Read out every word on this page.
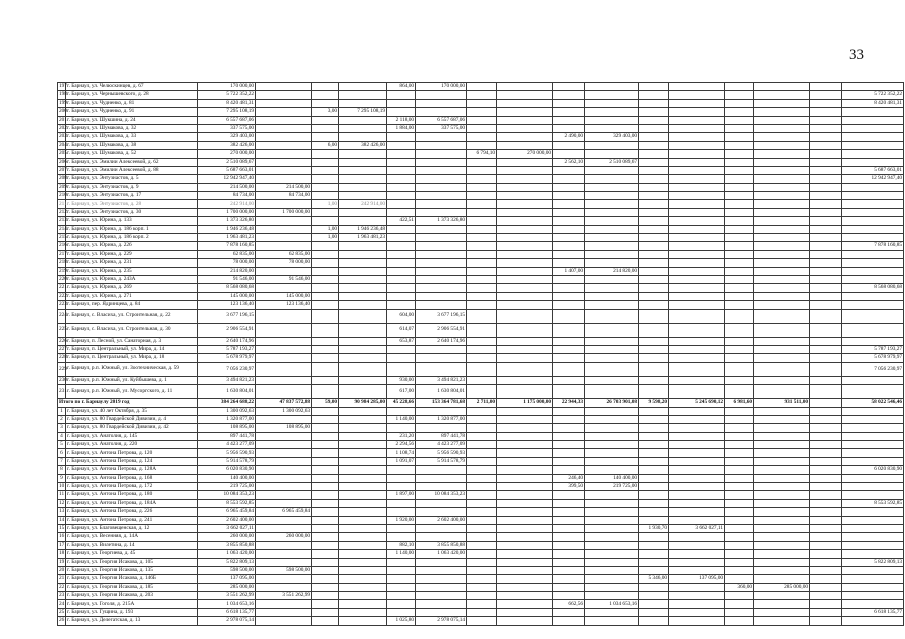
33
197	г. Барнаул, ул. Челюскинцев, д. 67	170 000,00				864,00	170 000,00										
198	г. Барнаул, ул. Чернышевского, д. 28	5 722 352,22															5 722 352,22
199	г. Барнаул, ул. Чудненко, д. 81	8 420 481,31															8 420 481,31
200	г. Барнаул, ул. Чудненко, д. 91	7 295 108,19		3,00	7 295 108,19												
201	г. Барнаул, ул. Шукшина, д. 24	6 557 687,06				2 118,00	6 557 687,06										
202	г. Барнаул, ул. Шумакова, д. 32	337 575,00				1 884,00	337 575,00										
203	г. Барнаул, ул. Шумакова, д. 33	329 403,00								2 490,00	329 403,00						
204	г. Барнаул, ул. Шумакова, д. 38	382 426,00		6,00	382 426,00												
205	г. Барнаул, ул. Шумакова, д. 52	270 000,00						6 794,10	270 000,00								
206	г. Барнаул, ул. Эмилии Алексеевой, д. 62	2 510 089,67								2 562,10	2 510 089,67						
207	г. Барнаул, ул. Эмилии Алексеевой, д. 88	5 687 663,01															5 687 663,01
208	г. Барнаул, ул. Энтузиастов, д. 5	12 942 947,40															12 942 947,40
209	г. Барнаул, ул. Энтузиастов, д. 9	214 500,00	214 500,00														
210	г. Барнаул, ул. Энтузиастов, д. 17	84 734,00	84 734,00														
211	г. Барнаул, ул. Энтузиастов, д. 28	242 914,00		1,00	242 914,00												
212	г. Барнаул, ул. Энтузиастов, д. 30	1 700 000,00	1 700 000,00														
213	г. Барнаул, ул. Юрина, д. 133	1 373 326,80				422,51	1 373 326,80										
214	г. Барнаул, ул. Юрина, д. 186 корп. 1	1 946 236,48		1,00	1 946 236,48												
215	г. Барнаул, ул. Юрина, д. 186 корп. 2	1 963 481,23		1,00	1 963 481,23												
216	г. Барнаул, ул. Юрина, д. 226	7 878 160,85															7 878 160,85
217	г. Барнаул, ул. Юрина, д. 229	62 835,00	62 835,00														
218	г. Барнаул, ул. Юрина, д. 231	78 000,00	78 000,00														
219	г. Барнаул, ул. Юрина, д. 235	214 820,00								1 407,00	214 820,00						
220	г. Барнаул, ул. Юрина, д. 243А	91 546,00	91 546,00														
221	г. Барнаул, ул. Юрина, д. 269	8 568 080,68															8 568 080,68
222	г. Барнаул, ул. Юрина, д. 271	145 000,00	145 000,00														
223	г. Барнаул, пер. Ядринцева, д. 84	123 136,40	123 136,40														
224	г. Барнаул, с. Власиха, ул. Строительная, д. 22	3 677 196,15				604,00	3 677 196,15										
225	г. Барнаул, с. Власиха, ул. Строительная, д. 30	2 906 554,91				614,07	2 906 554,91										
226	г. Барнаул, п. Лесной, ул. Санаторная, д. 3	2 640 174,96				653,87	2 640 174,96										
227	г. Барнаул, п. Центральный, ул. Мира, д. 14	5 787 193,27															5 787 193,27
228	г. Барнаул, п. Центральный, ул. Мира, д. 18	5 678 979,97															5 678 979,97
229	г. Барнаул, р.п. Южный, ул. Зоотехническая, д. 59	7 056 230,97															7 056 230,97
230	г. Барнаул, р.п. Южный, ул. Куйбышева, д. 1	3 494 821,23				930,00	3 494 821,23										
231	г. Барнаул, р.п. Южный, ул. Мусоргского, д. 11	1 630 804,01				617,00	1 630 804,01										
Итого по г. Барнаулу 2019 год		384 264 688,22	47 837 572,88	59,00	90 984 285,00	45 228,66	153 364 781,68	2 711,00	1 175 000,00	22 944,33	26 703 901,08	9 598,20	5 245 690,12	6 981,60	931 511,00		58 022 546,46
1	г. Барнаул, ул. 40 лет Октября, д. 35	1 300 092,63	1 300 092,63														
2	г. Барнаул, ул. 80 Гвардейской Дивизии, д. 4	1 320 877,00				1 140,00	1 320 877,00										
3	г. Барнаул, ул. 80 Гвардейской Дивизии, д. 42	108 895,00	108 895,00														
4	г. Барнаул, ул. Анатолия, д. 145	897 441,78				231,20	897 441,78										
5	г. Барнаул, ул. Анатолия, д. 220	4 423 277,09				2 294,56	4 423 277,09										
6	г. Барнаул, ул. Антона Петрова, д. 120	5 956 590,93				1 108,74	5 956 590,93										
7	г. Барнаул, ул. Антона Петрова, д. 124	5 914 578,79				1 091,07	5 914 578,79										
8	г. Барнаул, ул. Антона Петрова, д. 128А	6 020 830,90															6 020 830,90
9	г. Барнаул, ул. Антона Петрова, д. 168	140 400,00								246,40	140 400,00						
10	г. Барнаул, ул. Антона Петрова, д. 172	219 725,00								399,50	219 725,00						
11	г. Барнаул, ул. Антона Петрова, д. 180	10 084 353,23				1 897,00	10 084 353,23										
12	г. Барнаул, ул. Антона Петрова, д. 184А	8 553 592,85															8 553 592,85
13	г. Барнаул, ул. Антона Петрова, д. 226	6 965 459,84	6 965 459,84														
14	г. Барнаул, ул. Антона Петрова, д. 241	2 602 400,00				1 920,00	2 602 400,00										
15	г. Барнаул, ул. Благовещенская, д. 12	3 662 027,11										1 930,70	3 662 027,11				
16	г. Барнаул, ул. Весенняя, д. 14А	260 000,00	260 000,00														
17	г. Барнаул, ул. Вилетина, д. 14	3 855 850,88				882,10	3 855 850,88										
18	г. Барнаул, ул. Георгиева, д. 45	1 063 420,00				1 140,00	1 063 420,00										
19	г. Барнаул, ул. Георгия Исакова, д. 105	5 822 809,13															5 822 809,13
20	г. Барнаул, ул. Георгия Исакова, д. 135	598 500,00	598 500,00														
21	г. Барнаул, ул. Георгия Исакова, д. 146Б	137 095,00										5 346,00	137 095,00				
22	г. Барнаул, ул. Георгия Исакова, д. 185	285 000,00												360,00	285 000,00		
23	г. Барнаул, ул. Георгия Исакова, д. 203	3 551 262,99	3 551 262,99														
24	г. Барнаул, ул. Гоголя, д. 215А	1 034 653,16								662,56	1 034 653,16						
25	г. Барнаул, ул. Гущина, д. 193	6 618 135,77															6 618 135,77
26	г. Барнаул, ул. Делегатская, д. 13	2 978 075,14				1 025,80	2 978 075,14										
